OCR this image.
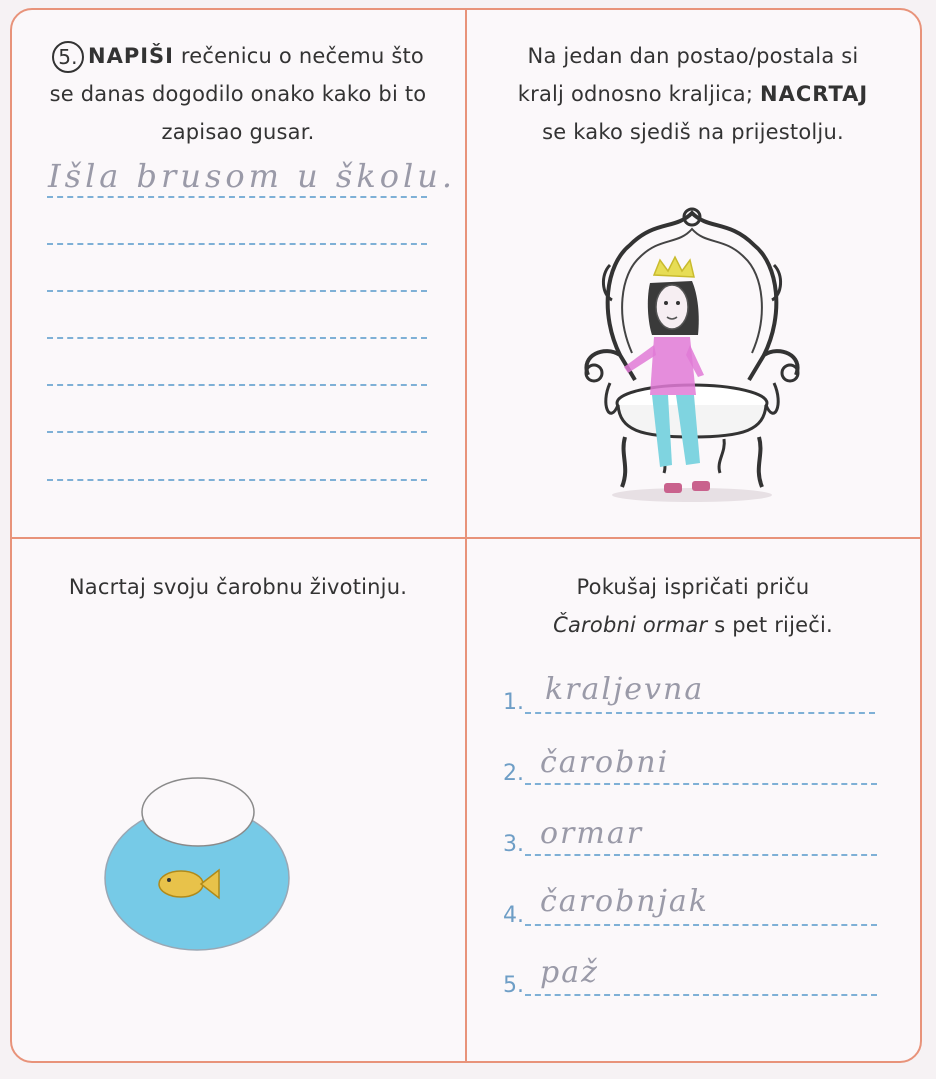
5. NAPIŠI rečenicu o nečemu što
se danas dogodilo onako kako bi to
zapisao gusar.
Išla brusom u školu.
Na jedan dan postao/postala si
kralj odnosno kraljica; NACRTAJ
se kako sjediš na prijestolju.
Nacrtaj svoju čarobnu životinju.	Pokušaj ispričati priču
Čarobni ormar s pet riječi.
1. kraljevna
2. čarobni
3. ormar
4. čarobnjak
5. paž
